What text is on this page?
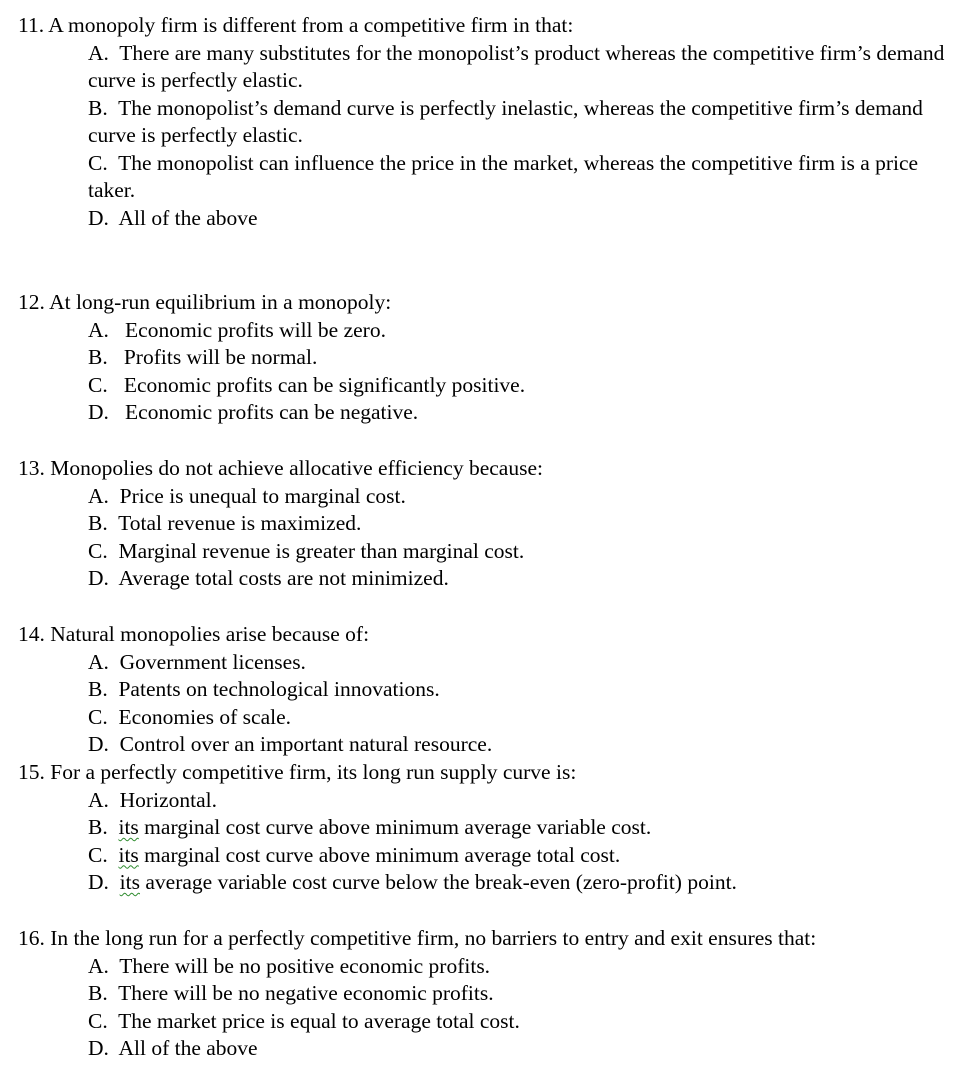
11. A monopoly firm is different from a competitive firm in that:
A. There are many substitutes for the monopolist’s product whereas the competitive firm’s demand curve is perfectly elastic.
B. The monopolist’s demand curve is perfectly inelastic, whereas the competitive firm’s demand curve is perfectly elastic.
C. The monopolist can influence the price in the market, whereas the competitive firm is a price taker.
D. All of the above
12. At long-run equilibrium in a monopoly:
A. Economic profits will be zero.
B. Profits will be normal.
C. Economic profits can be significantly positive.
D. Economic profits can be negative.
13. Monopolies do not achieve allocative efficiency because:
A. Price is unequal to marginal cost.
B. Total revenue is maximized.
C. Marginal revenue is greater than marginal cost.
D. Average total costs are not minimized.
14. Natural monopolies arise because of:
A. Government licenses.
B. Patents on technological innovations.
C. Economies of scale.
D. Control over an important natural resource.
15. For a perfectly competitive firm, its long run supply curve is:
A. Horizontal.
B. its marginal cost curve above minimum average variable cost.
C. its marginal cost curve above minimum average total cost.
D. its average variable cost curve below the break-even (zero-profit) point.
16. In the long run for a perfectly competitive firm, no barriers to entry and exit ensures that:
A. There will be no positive economic profits.
B. There will be no negative economic profits.
C. The market price is equal to average total cost.
D. All of the above
